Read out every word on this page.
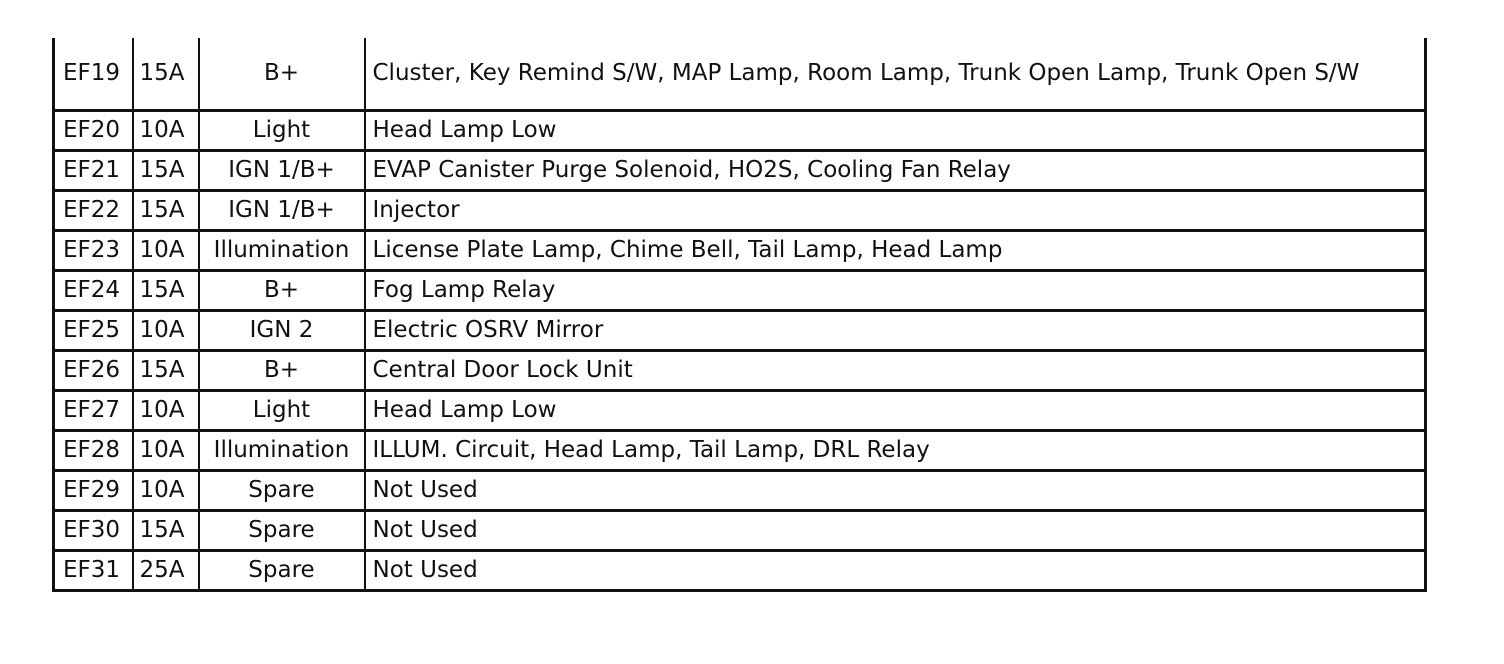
EF19	15A	B+	Cluster, Key Remind S/W, MAP Lamp, Room Lamp, Trunk Open Lamp, Trunk Open S/W
EF20	10A	Light	Head Lamp Low
EF21	15A	IGN 1/B+	EVAP Canister Purge Solenoid, HO2S, Cooling Fan Relay
EF22	15A	IGN 1/B+	Injector
EF23	10A	Illumination	License Plate Lamp, Chime Bell, Tail Lamp, Head Lamp
EF24	15A	B+	Fog Lamp Relay
EF25	10A	IGN 2	Electric OSRV Mirror
EF26	15A	B+	Central Door Lock Unit
EF27	10A	Light	Head Lamp Low
EF28	10A	Illumination	ILLUM. Circuit, Head Lamp, Tail Lamp, DRL Relay
EF29	10A	Spare	Not Used
EF30	15A	Spare	Not Used
EF31	25A	Spare	Not Used
